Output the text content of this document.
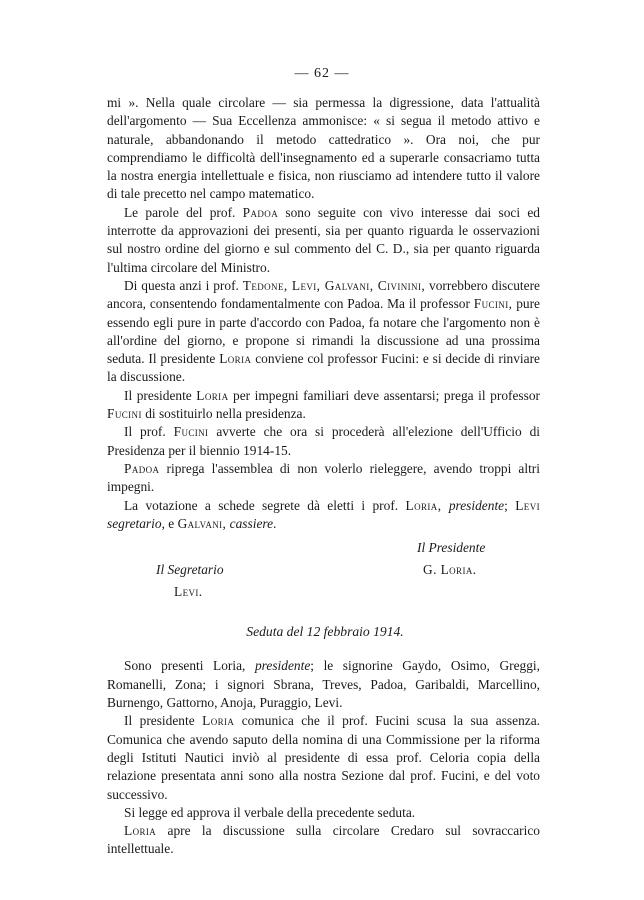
— 62 —

mi ». Nella quale circolare — sia permessa la digressione, data l'attualità dell'argomento — Sua Eccellenza ammonisce: « si segua il metodo attivo e naturale, abbandonando il metodo cattedratico ». Ora noi, che pur comprendiamo le difficoltà dell'insegnamento ed a superarle consacriamo tutta la nostra energia intellettuale e fisica, non riusciamo ad intendere tutto il valore di tale precetto nel campo matematico.

Le parole del prof. Padoa sono seguite con vivo interesse dai soci ed interrotte da approvazioni dei presenti, sia per quanto riguarda le osservazioni sul nostro ordine del giorno e sul commento del C. D., sia per quanto riguarda l'ultima circolare del Ministro.

Di questa anzi i prof. Tedone, Levi, Galvani, Civinini, vorrebbero discutere ancora, consentendo fondamentalmente con Padoa. Ma il professor Fucini, pure essendo egli pure in parte d'accordo con Padoa, fa notare che l'argomento non è all'ordine del giorno, e propone si rimandi la discussione ad una prossima seduta. Il presidente Loria conviene col professor Fucini: e si decide di rinviare la discussione.

Il presidente Loria per impegni familiari deve assentarsi; prega il professor Fucini di sostituirlo nella presidenza.

Il prof. Fucini avverte che ora si procederà all'elezione dell'Ufficio di Presidenza per il biennio 1914-15.

Padoa riprega l'assemblea di non volerlo rieleggere, avendo troppi altri impegni.

La votazione a schede segrete dà eletti i prof. Loria, presidente; Levi segretario, e Galvani, cassiere.

Il Presidente
Il Segretario	G. Loria.
Levi.
Seduta del 12 febbraio 1914.

Sono presenti Loria, presidente; le signorine Gaydo, Osimo, Greggi, Romanelli, Zona; i signori Sbrana, Treves, Padoa, Garibaldi, Marcellino, Burnengo, Gattorno, Anoja, Puraggio, Levi.

Il presidente Loria comunica che il prof. Fucini scusa la sua assenza. Comunica che avendo saputo della nomina di una Commissione per la riforma degli Istituti Nautici inviò al presidente di essa prof. Celoria copia della relazione presentata anni sono alla nostra Sezione dal prof. Fucini, e del voto successivo.

Si legge ed approva il verbale della precedente seduta.

Loria apre la discussione sulla circolare Credaro sul sovraccarico intellettuale.
